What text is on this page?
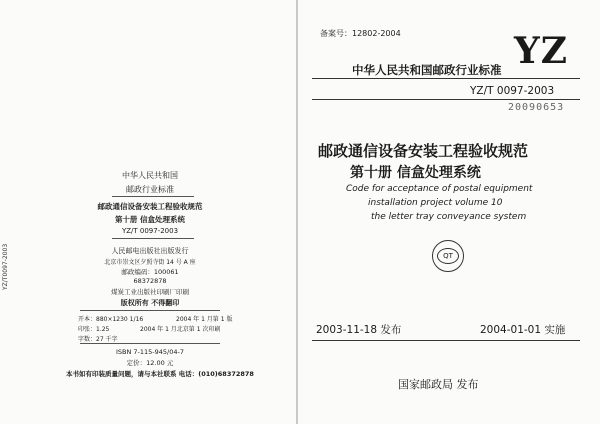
YZ/T0097-2003
中华人民共和国
邮政行业标准
邮政通信设备安装工程验收规范
第十册 信盒处理系统
YZ/T 0097-2003
人民邮电出版社出版发行
北京市崇文区夕照寺街 14 号 A 座
邮政编码：100061
68372878
煤炭工业出版社印刷厂印刷
版权所有 不得翻印
开本：880×1230 1/16	2004 年 1 月第 1 版
印张：1.25	2004 年 1 月北京第 1 次印刷
字数：27 千字
ISBN 7-115-945/04-7
定价：12.00 元
本书如有印装质量问题，请与本社联系 电话：(010)68372878
备案号：12802-2004	YZ
中华人民共和国邮政行业标准
YZ/T 0097-2003
20090653
邮政通信设备安装工程验收规范
第十册 信盒处理系统
Code for acceptance of postal equipment
installation project volume 10
the letter tray conveyance system
QT
2003-11-18 发布	2004-01-01 实施
国家邮政局 发布
